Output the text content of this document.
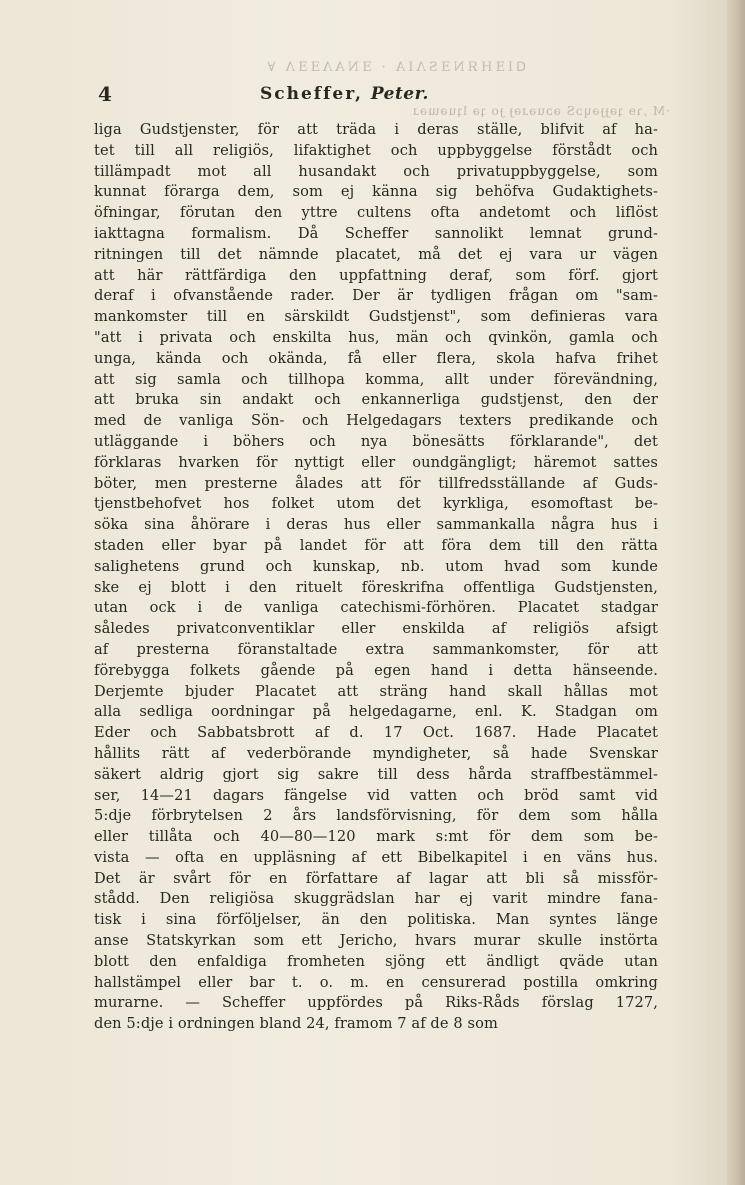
ᗡIƎHЯNƎSɅIA · ƎNAɅƎƎɅ ∀
4	Scheffer, Peter.
·M ,ɿɘ ʇǝɟɟǝɥɔS ǝɔuǝɹǝɟ ɟo ʇǝ lʇuǝɯǝɹ
liga Gudstjenster, för att träda i deras ställe, blifvit af ha-
tet till all religiös, lifaktighet och uppbyggelse förstådt och
tillämpadt mot all husandakt och privatuppbyggelse, som
kunnat förarga dem, som ej känna sig behöfva Gudaktighets-
öfningar, förutan den yttre cultens ofta andetomt och liflöst
iakttagna formalism. Då Scheffer sannolikt lemnat grund-
ritningen till det nämnde placatet, må det ej vara ur vägen
att här rättfärdiga den uppfattning deraf, som förf. gjort
deraf i ofvanstående rader. Der är tydligen frågan om "sam-
mankomster till en särskildt Gudstjenst", som definieras vara
"att i privata och enskilta hus, män och qvinkön, gamla och
unga, kända och okända, få eller flera, skola hafva frihet
att sig samla och tillhopa komma, allt under förevändning,
att bruka sin andakt och enkannerliga gudstjenst, den der
med de vanliga Sön- och Helgedagars texters predikande och
utläggande i böhers och nya bönesätts förklarande", det
förklaras hvarken för nyttigt eller oundgängligt; häremot sattes
böter, men presterne ålades att för tillfredsställande af Guds-
tjenstbehofvet hos folket utom det kyrkliga, esomoftast be-
söka sina åhörare i deras hus eller sammankalla några hus i
staden eller byar på landet för att föra dem till den rätta
salighetens grund och kunskap, nb. utom hvad som kunde
ske ej blott i den rituelt föreskrifna offentliga Gudstjensten,
utan ock i de vanliga catechismi-förhören. Placatet stadgar
således privatconventiklar eller enskilda af religiös afsigt
af presterna föranstaltade extra sammankomster, för att
förebygga folkets gående på egen hand i detta hänseende.
Derjemte bjuder Placatet att sträng hand skall hållas mot
alla sedliga oordningar på helgedagarne, enl. K. Stadgan om
Eder och Sabbatsbrott af d. 17 Oct. 1687. Hade Placatet
hållits rätt af vederbörande myndigheter, så hade Svenskar
säkert aldrig gjort sig sakre till dess hårda straffbestämmel-
ser, 14—21 dagars fängelse vid vatten och bröd samt vid
5:dje förbrytelsen 2 års landsförvisning, för dem som hålla
eller tillåta och 40—80—120 mark s:mt för dem som be-
vista — ofta en uppläsning af ett Bibelkapitel i en väns hus.
Det är svårt för en författare af lagar att bli så missför-
stådd. Den religiösa skuggrädslan har ej varit mindre fana-
tisk i sina förföljelser, än den politiska. Man syntes länge
anse Statskyrkan som ett Jericho, hvars murar skulle instörta
blott den enfaldiga fromheten sjöng ett ändligt qväde utan
hallstämpel eller bar t. o. m. en censurerad postilla omkring
murarne. — Scheffer uppfördes på Riks-Råds förslag 1727,
den 5:dje i ordningen bland 24, framom 7 af de 8 som
